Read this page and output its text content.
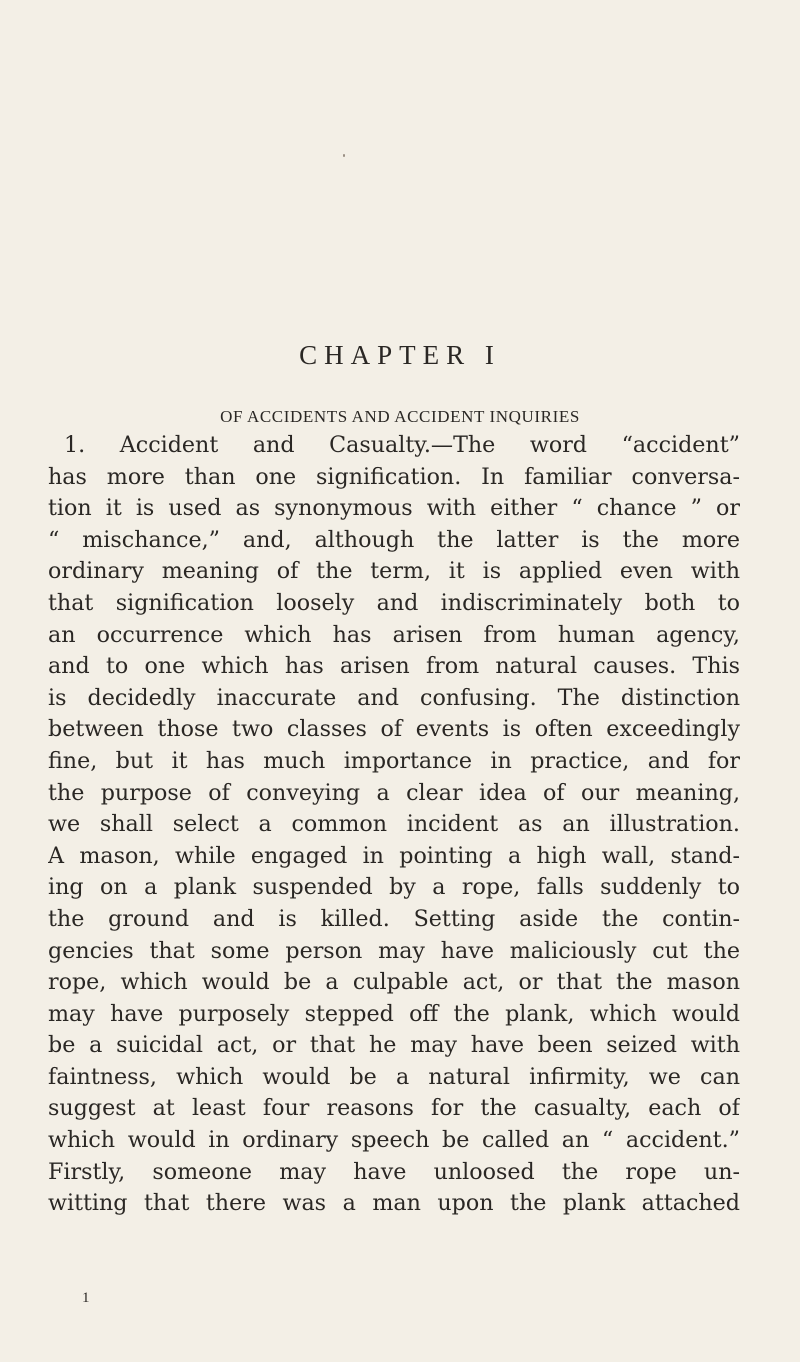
CHAPTER I
OF ACCIDENTS AND ACCIDENT INQUIRIES
1. Accident and Casualty.—The word “accident”
has more than one signification. In familiar conversa-
tion it is used as synonymous with either “ chance ” or
“ mischance,” and, although the latter is the more
ordinary meaning of the term, it is applied even with
that signification loosely and indiscriminately both to
an occurrence which has arisen from human agency,
and to one which has arisen from natural causes. This
is decidedly inaccurate and confusing. The distinction
between those two classes of events is often exceedingly
fine, but it has much importance in practice, and for
the purpose of conveying a clear idea of our meaning,
we shall select a common incident as an illustration.
A mason, while engaged in pointing a high wall, stand-
ing on a plank suspended by a rope, falls suddenly to
the ground and is killed. Setting aside the contin-
gencies that some person may have maliciously cut the
rope, which would be a culpable act, or that the mason
may have purposely stepped off the plank, which would
be a suicidal act, or that he may have been seized with
faintness, which would be a natural infirmity, we can
suggest at least four reasons for the casualty, each of
which would in ordinary speech be called an “ accident.”
Firstly, someone may have unloosed the rope un-
witting that there was a man upon the plank attached

1
